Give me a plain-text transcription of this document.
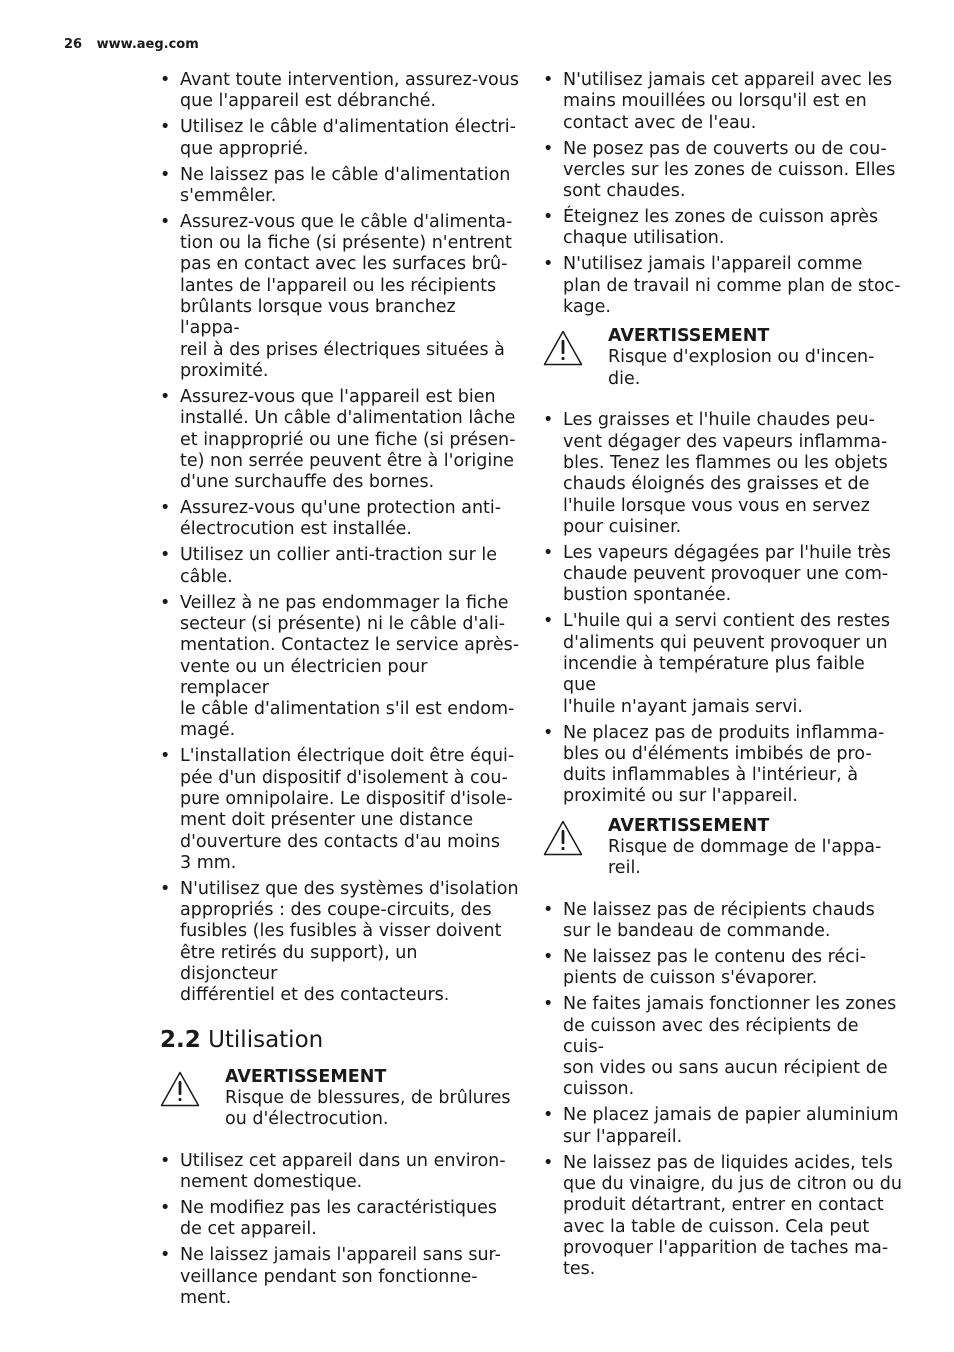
26 www.aeg.com
• Avant toute intervention, assurez-vous
que l'appareil est débranché.
• Utilisez le câble d'alimentation électri-
que approprié.
• Ne laissez pas le câble d'alimentation
s'emmêler.
• Assurez-vous que le câble d'alimenta-
tion ou la fiche (si présente) n'entrent
pas en contact avec les surfaces brû-
lantes de l'appareil ou les récipients
brûlants lorsque vous branchez l'appa-
reil à des prises électriques situées à
proximité.
• Assurez-vous que l'appareil est bien
installé. Un câble d'alimentation lâche
et inapproprié ou une fiche (si présen-
te) non serrée peuvent être à l'origine
d'une surchauffe des bornes.
• Assurez-vous qu'une protection anti-
électrocution est installée.
• Utilisez un collier anti-traction sur le
câble.
• Veillez à ne pas endommager la fiche
secteur (si présente) ni le câble d'ali-
mentation. Contactez le service après-
vente ou un électricien pour remplacer
le câble d'alimentation s'il est endom-
magé.
• L'installation électrique doit être équi-
pée d'un dispositif d'isolement à cou-
pure omnipolaire. Le dispositif d'isole-
ment doit présenter une distance
d'ouverture des contacts d'au moins
3 mm.
• N'utilisez que des systèmes d'isolation
appropriés : des coupe-circuits, des
fusibles (les fusibles à visser doivent
être retirés du support), un disjoncteur
différentiel et des contacteurs.
2.2 Utilisation
AVERTISSEMENT
Risque de blessures, de brûlures
ou d'électrocution.
• Utilisez cet appareil dans un environ-
nement domestique.
• Ne modifiez pas les caractéristiques
de cet appareil.
• Ne laissez jamais l'appareil sans sur-
veillance pendant son fonctionne-
ment.
• N'utilisez jamais cet appareil avec les
mains mouillées ou lorsqu'il est en
contact avec de l'eau.
• Ne posez pas de couverts ou de cou-
vercles sur les zones de cuisson. Elles
sont chaudes.
• Éteignez les zones de cuisson après
chaque utilisation.
• N'utilisez jamais l'appareil comme
plan de travail ni comme plan de stoc-
kage.
AVERTISSEMENT
Risque d'explosion ou d'incen-
die.
• Les graisses et l'huile chaudes peu-
vent dégager des vapeurs inflamma-
bles. Tenez les flammes ou les objets
chauds éloignés des graisses et de
l'huile lorsque vous vous en servez
pour cuisiner.
• Les vapeurs dégagées par l'huile très
chaude peuvent provoquer une com-
bustion spontanée.
• L'huile qui a servi contient des restes
d'aliments qui peuvent provoquer un
incendie à température plus faible que
l'huile n'ayant jamais servi.
• Ne placez pas de produits inflamma-
bles ou d'éléments imbibés de pro-
duits inflammables à l'intérieur, à
proximité ou sur l'appareil.
AVERTISSEMENT
Risque de dommage de l'appa-
reil.
• Ne laissez pas de récipients chauds
sur le bandeau de commande.
• Ne laissez pas le contenu des réci-
pients de cuisson s'évaporer.
• Ne faites jamais fonctionner les zones
de cuisson avec des récipients de cuis-
son vides ou sans aucun récipient de
cuisson.
• Ne placez jamais de papier aluminium
sur l'appareil.
• Ne laissez pas de liquides acides, tels
que du vinaigre, du jus de citron ou du
produit détartrant, entrer en contact
avec la table de cuisson. Cela peut
provoquer l'apparition de taches ma-
tes.
